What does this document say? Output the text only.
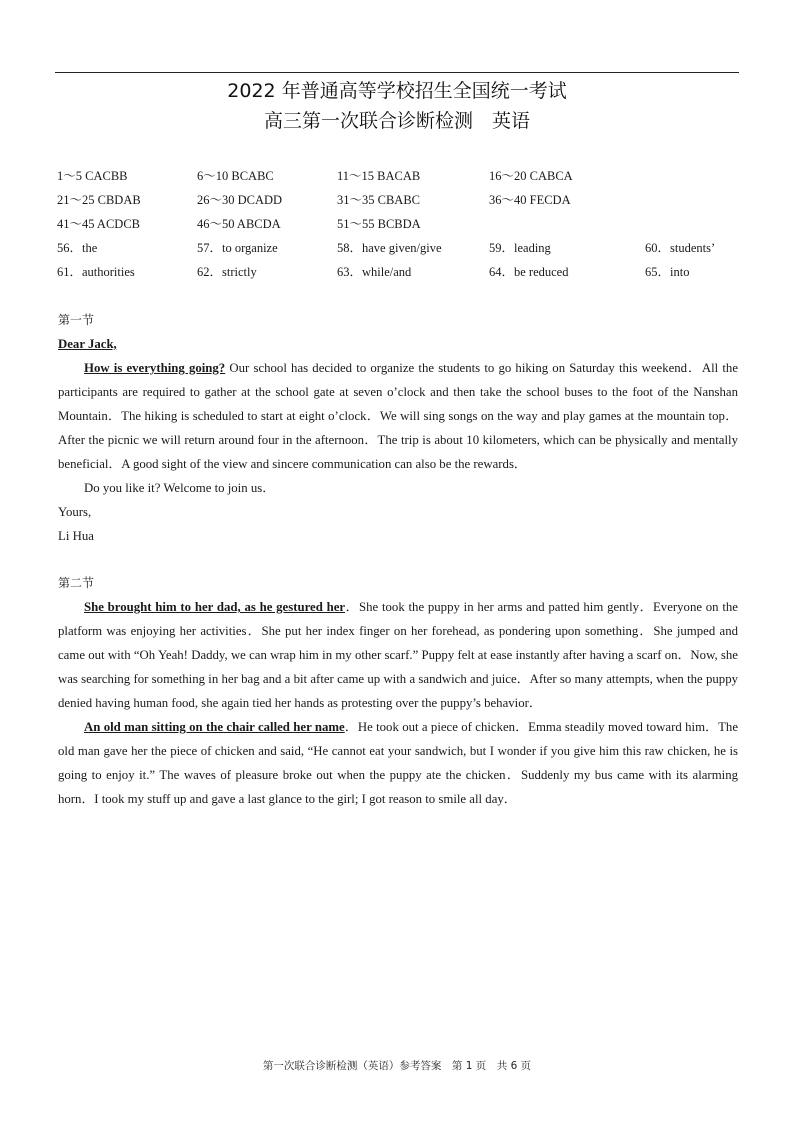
2022 年普通高等学校招生全国统一考试
高三第一次联合诊断检测　英语
1～5 CACBB	6～10 BCABC	11～15 BACAB	16～20 CABCA
21～25 CBDAB	26～30 DCADD	31～35 CBABC	36～40 FECDA
41～45 ACDCB	46～50 ABCDA	51～55 BCBDA
56．the	57．to organize	58．have given/give	59．leading	60．students’
61．authorities	62．strictly	63．while/and	64．be reduced	65．into

第一节

Dear Jack,

How is everything going? Our school has decided to organize the students to go hiking on Saturday this weekend．All the participants are required to gather at the school gate at seven o’clock and then take the school buses to the foot of the Nanshan Mountain．The hiking is scheduled to start at eight o’clock．We will sing songs on the way and play games at the mountain top．After the picnic we will return around four in the afternoon．The trip is about 10 kilometers, which can be physically and mentally beneficial．A good sight of the view and sincere communication can also be the rewards．

Do you like it? Welcome to join us．

Yours,

Li Hua

第二节

She brought him to her dad, as he gestured her．She took the puppy in her arms and patted him gently．Everyone on the platform was enjoying her activities．She put her index finger on her forehead, as pondering upon something．She jumped and came out with “Oh Yeah! Daddy, we can wrap him in my other scarf.” Puppy felt at ease instantly after having a scarf on．Now, she was searching for something in her bag and a bit after came up with a sandwich and juice．After so many attempts, when the puppy denied having human food, she again tied her hands as protesting over the puppy’s behavior．

An old man sitting on the chair called her name．He took out a piece of chicken．Emma steadily moved toward him．The old man gave her the piece of chicken and said, “He cannot eat your sandwich, but I wonder if you give him this raw chicken, he is going to enjoy it.” The waves of pleasure broke out when the puppy ate the chicken．Suddenly my bus came with its alarming horn．I took my stuff up and gave a last glance to the girl; I got reason to smile all day．

第一次联合诊断检测（英语）参考答案　第 1 页　共 6 页
